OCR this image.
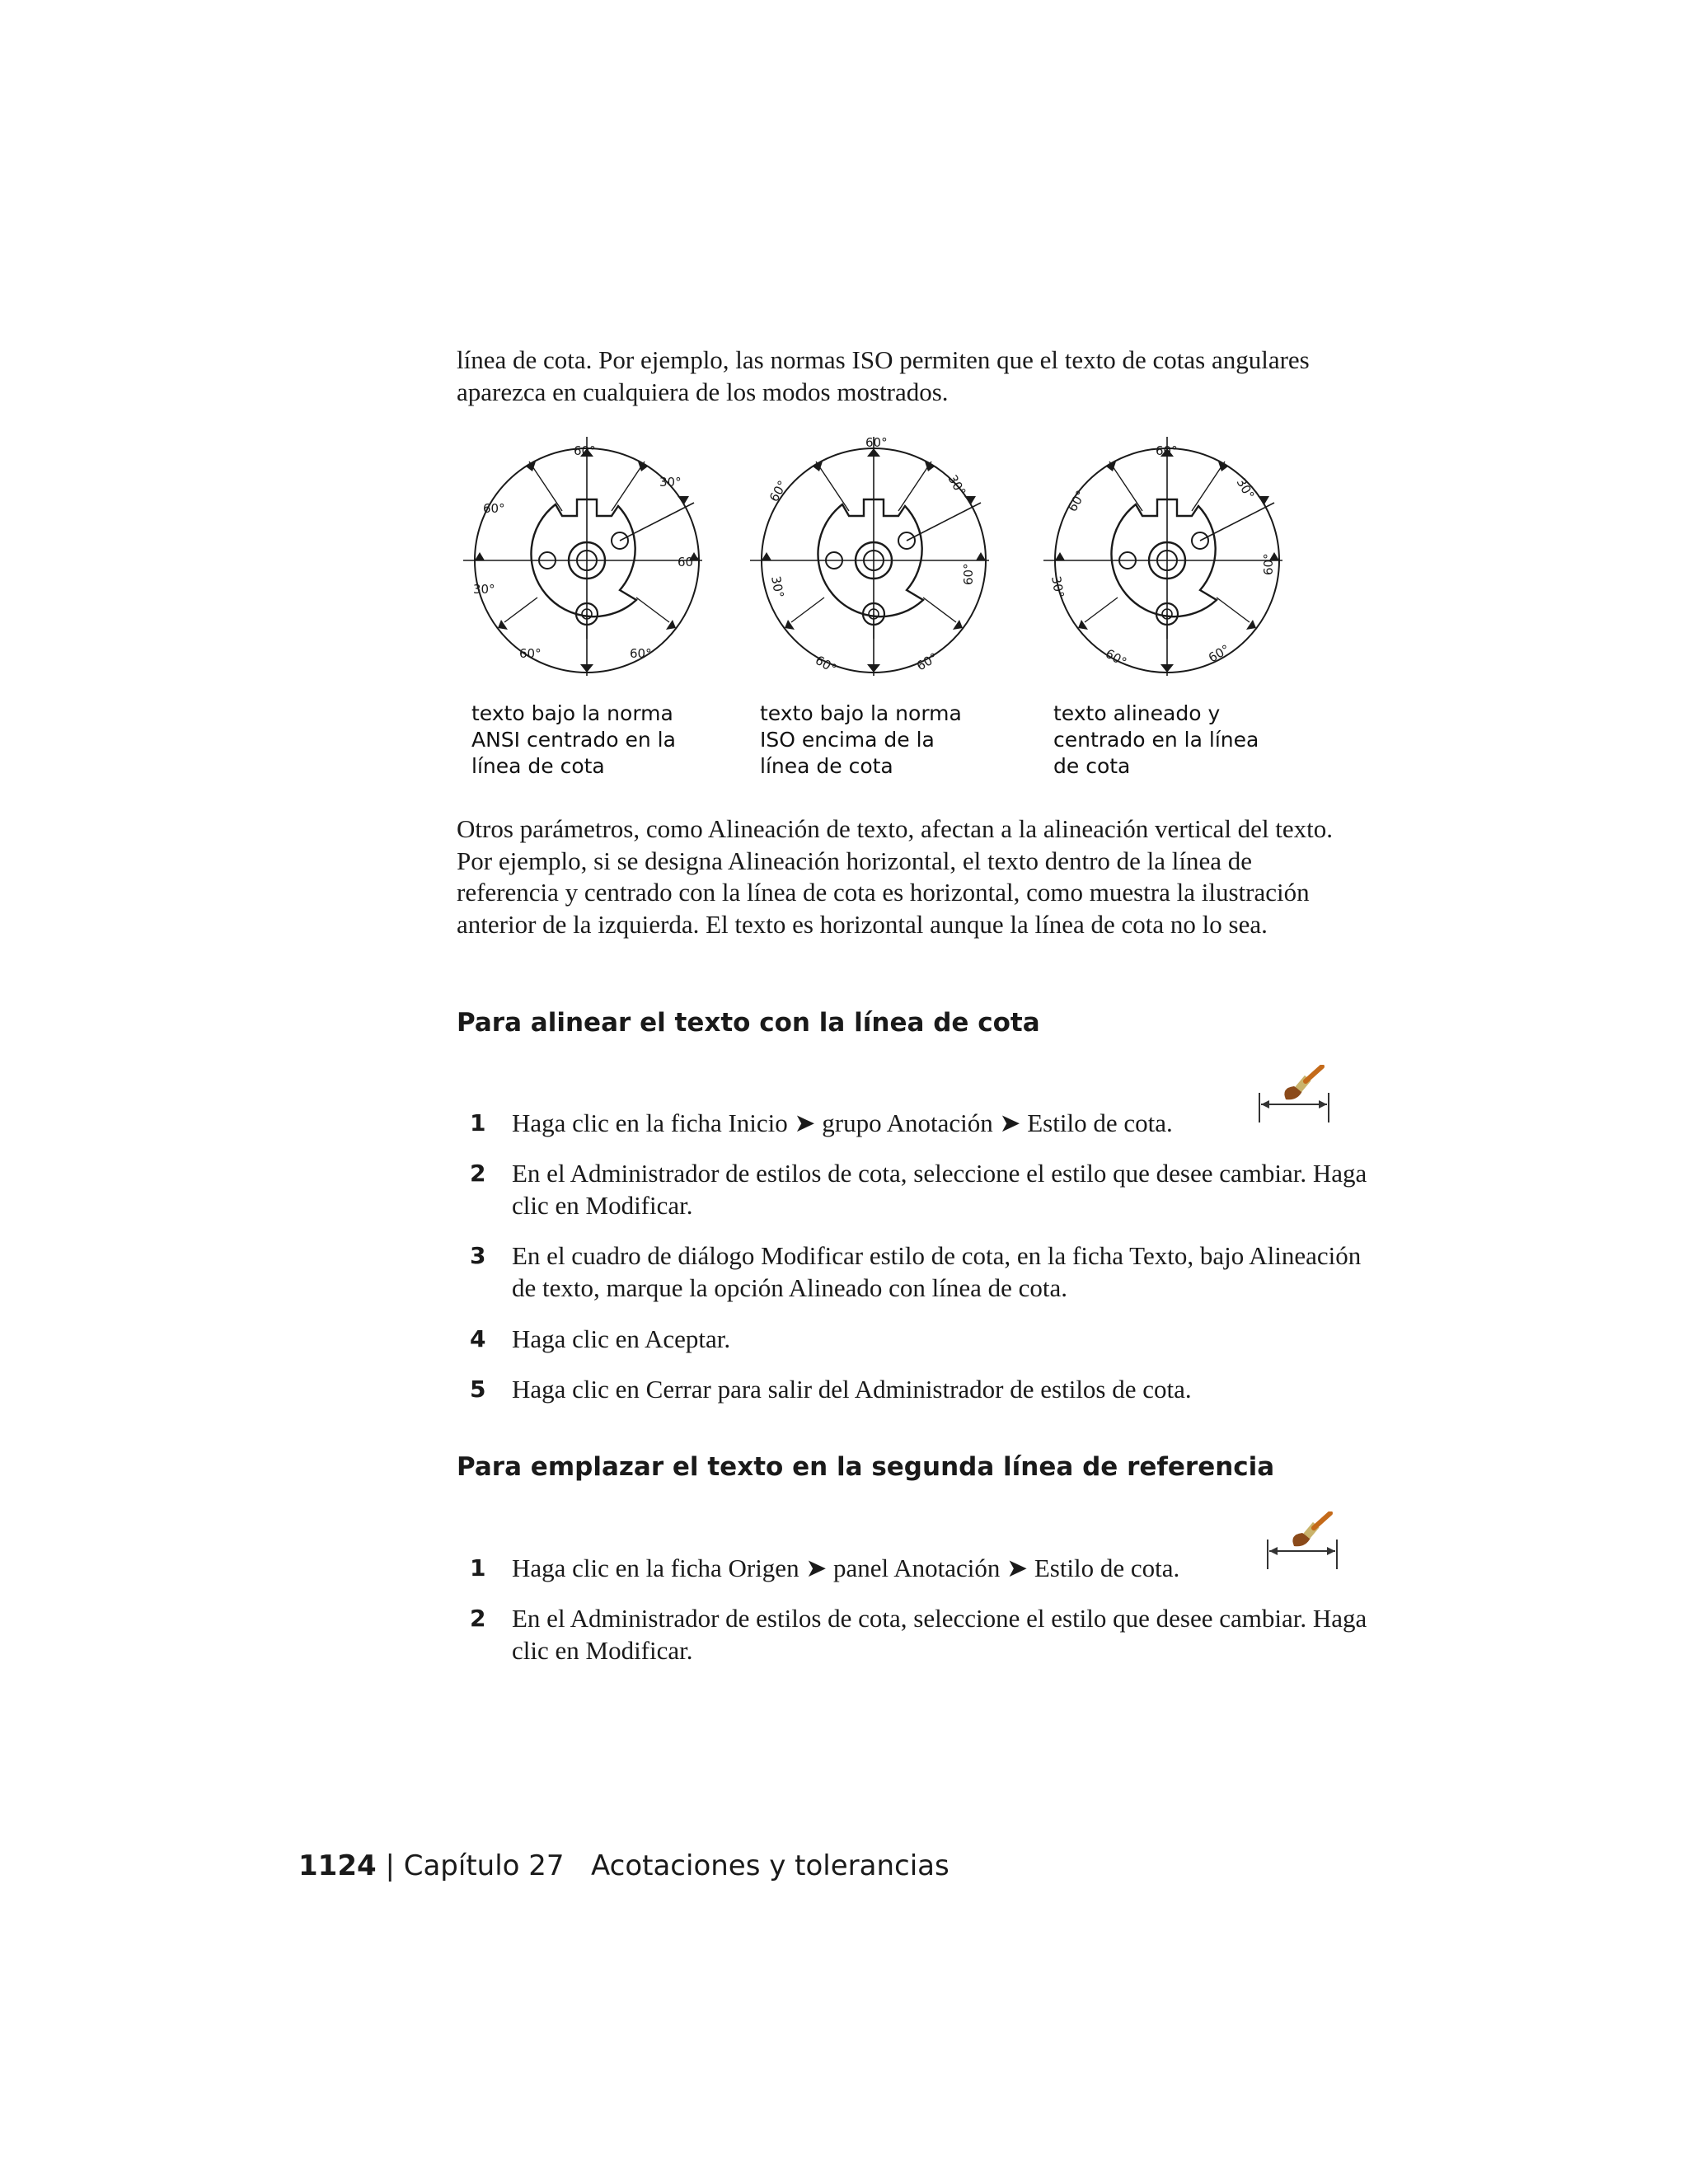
línea de cota. Por ejemplo, las normas ISO permiten que el texto de cotas angulares aparezca en cualquiera de los modos mostrados.
60°
30°
60°
60°
30°
60°	60°
60°
30°
60°
60°
30°
60°	60°
60°
30°
60°
60°
30°
60°	60°
texto bajo la norma
ANSI centrado en la
línea de cota
texto bajo la norma
ISO encima de la
línea de cota
texto alineado y
centrado en la línea
de cota
Otros parámetros, como Alineación de texto, afectan a la alineación vertical del texto. Por ejemplo, si se designa Alineación horizontal, el texto dentro de la línea de referencia y centrado con la línea de cota es horizontal, como muestra la ilustración anterior de la izquierda. El texto es horizontal aunque la línea de cota no lo sea.
Para alinear el texto con la línea de cota
1	Haga clic en la ficha Inicio ➤ grupo Anotación ➤ Estilo de cota.
2	En el Administrador de estilos de cota, seleccione el estilo que desee cambiar. Haga clic en Modificar.
3	En el cuadro de diálogo Modificar estilo de cota, en la ficha Texto, bajo Alineación de texto, marque la opción Alineado con línea de cota.
4	Haga clic en Aceptar.
5	Haga clic en Cerrar para salir del Administrador de estilos de cota.
Para emplazar el texto en la segunda línea de referencia
1	Haga clic en la ficha Origen ➤ panel Anotación ➤ Estilo de cota.
2	En el Administrador de estilos de cota, seleccione el estilo que desee cambiar. Haga clic en Modificar.
1124 | Capítulo 27 Acotaciones y tolerancias
